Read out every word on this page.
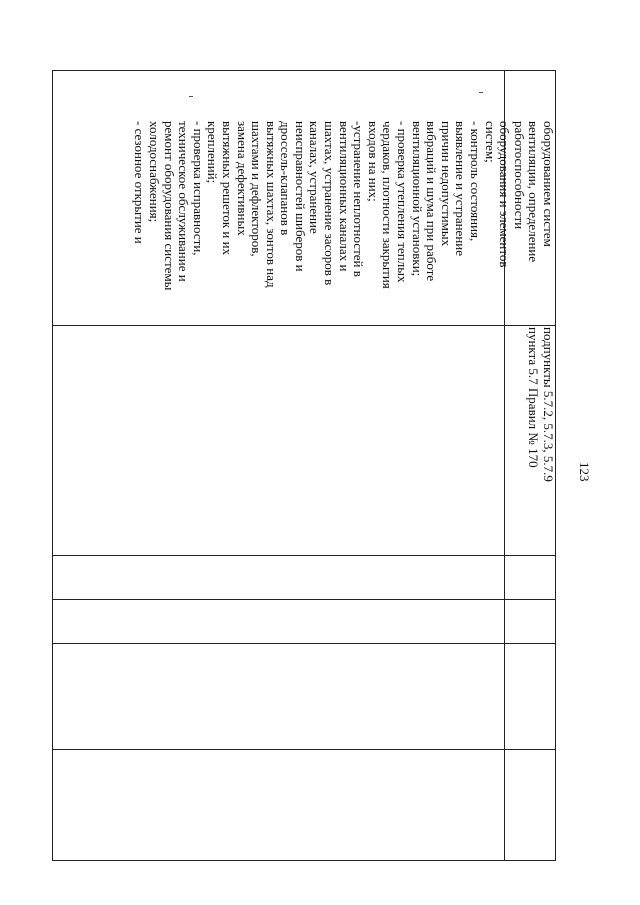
123
оборудованием систем
вентиляции, определение
работоспособности
оборудования и элементов
систем;
- контроль состояния,
выявление и устранение
причин недопустимых
вибраций и шума при работе
вентиляционной установки;
- проверка утепления теплых
чердаков, плотности закрытия
входов на них;
-устранение неплотностей в
вентиляционных каналах и
шахтах, устранение засоров в
каналах, устранение
неисправностей шиберов и
дроссель-клапанов в
вытяжных шахтах, зонтов над
шахтами и дефлекторов,
замена дефективных
вытяжных решеток и их
креплений;
- проверка исправности,
техническое обслуживание и
ремонт оборудования системы
холодоснабжения;
- сезонное открытие и
подпункты 5.7.2, 5.7.3, 5.7.9
пункта 5.7 Правил № 170
